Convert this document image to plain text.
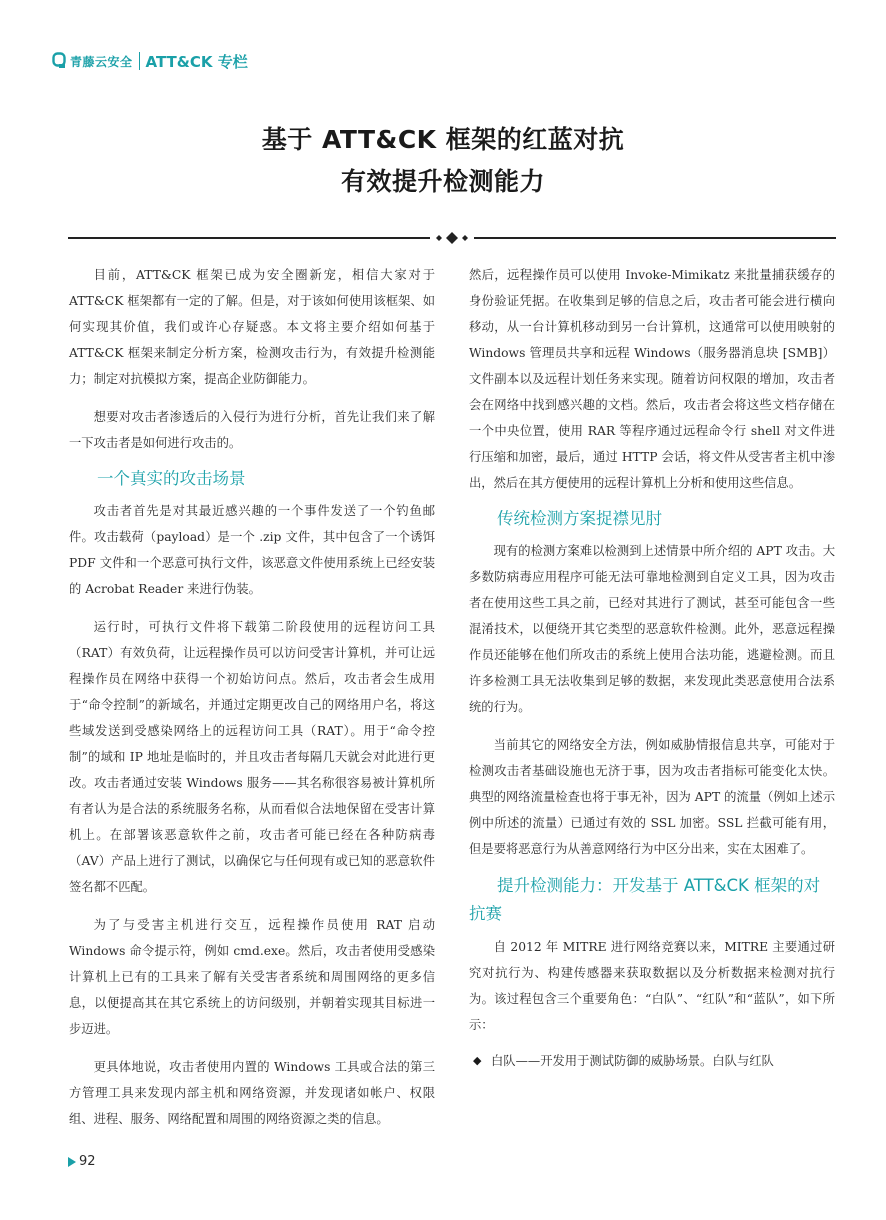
青藤云安全 ATT&CK 专栏
基于 ATT&CK 框架的红蓝对抗
有效提升检测能力

目前，ATT&CK 框架已成为安全圈新宠，相信大家对于 ATT&CK 框架都有一定的了解。但是，对于该如何使用该框架、如何实现其价值，我们或许心存疑惑。本文将主要介绍如何基于 ATT&CK 框架来制定分析方案，检测攻击行为，有效提升检测能力；制定对抗模拟方案，提高企业防御能力。

想要对攻击者渗透后的入侵行为进行分析，首先让我们来了解一下攻击者是如何进行攻击的。

一个真实的攻击场景

攻击者首先是对其最近感兴趣的一个事件发送了一个钓鱼邮件。攻击载荷（payload）是一个 .zip 文件，其中包含了一个诱饵 PDF 文件和一个恶意可执行文件，该恶意文件使用系统上已经安装的 Acrobat Reader 来进行伪装。

运行时，可执行文件将下载第二阶段使用的远程访问工具（RAT）有效负荷，让远程操作员可以访问受害计算机，并可让远程操作员在网络中获得一个初始访问点。然后，攻击者会生成用于“命令控制”的新域名，并通过定期更改自己的网络用户名，将这些域发送到受感染网络上的远程访问工具（RAT）。用于“命令控制”的域和 IP 地址是临时的，并且攻击者每隔几天就会对此进行更改。攻击者通过安装 Windows 服务——其名称很容易被计算机所有者认为是合法的系统服务名称，从而看似合法地保留在受害计算机上。在部署该恶意软件之前，攻击者可能已经在各种防病毒（AV）产品上进行了测试，以确保它与任何现有或已知的恶意软件签名都不匹配。

为了与受害主机进行交互，远程操作员使用 RAT 启动 Windows 命令提示符，例如 cmd.exe。然后，攻击者使用受感染计算机上已有的工具来了解有关受害者系统和周围网络的更多信息，以便提高其在其它系统上的访问级别，并朝着实现其目标进一步迈进。

更具体地说，攻击者使用内置的 Windows 工具或合法的第三方管理工具来发现内部主机和网络资源，并发现诸如帐户、权限组、进程、服务、网络配置和周围的网络资源之类的信息。

然后，远程操作员可以使用 Invoke-Mimikatz 来批量捕获缓存的身份验证凭据。在收集到足够的信息之后，攻击者可能会进行横向移动，从一台计算机移动到另一台计算机，这通常可以使用映射的 Windows 管理员共享和远程 Windows（服务器消息块 [SMB]）文件副本以及远程计划任务来实现。随着访问权限的增加，攻击者会在网络中找到感兴趣的文档。然后，攻击者会将这些文档存储在一个中央位置，使用 RAR 等程序通过远程命令行 shell 对文件进行压缩和加密，最后，通过 HTTP 会话，将文件从受害者主机中渗出，然后在其方便使用的远程计算机上分析和使用这些信息。

传统检测方案捉襟见肘

现有的检测方案难以检测到上述情景中所介绍的 APT 攻击。大多数防病毒应用程序可能无法可靠地检测到自定义工具，因为攻击者在使用这些工具之前，已经对其进行了测试，甚至可能包含一些混淆技术，以便绕开其它类型的恶意软件检测。此外，恶意远程操作员还能够在他们所攻击的系统上使用合法功能，逃避检测。而且许多检测工具无法收集到足够的数据，来发现此类恶意使用合法系统的行为。

当前其它的网络安全方法，例如威胁情报信息共享，可能对于检测攻击者基础设施也无济于事，因为攻击者指标可能变化太快。典型的网络流量检查也将于事无补，因为 APT 的流量（例如上述示例中所述的流量）已通过有效的 SSL 加密。SSL 拦截可能有用，但是要将恶意行为从善意网络行为中区分出来，实在太困难了。

提升检测能力：开发基于 ATT&CK 框架的对抗赛

自 2012 年 MITRE 进行网络竞赛以来，MITRE 主要通过研究对抗行为、构建传感器来获取数据以及分析数据来检测对抗行为。该过程包含三个重要角色：“白队”、“红队”和“蓝队”，如下所示：

◆ 白队——开发用于测试防御的威胁场景。白队与红队
92
